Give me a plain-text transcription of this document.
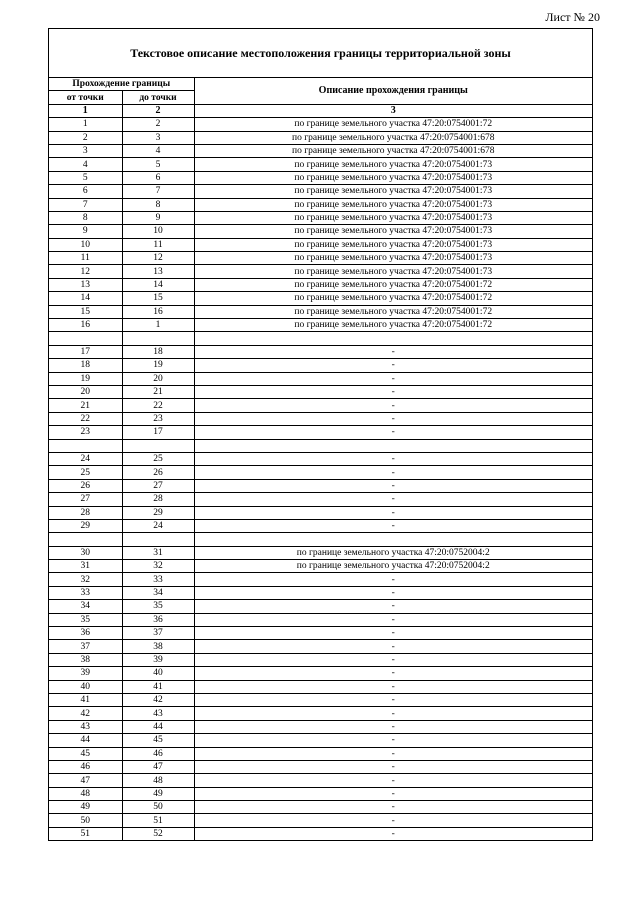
Лист № 20
Текстовое описание местоположения границы территориальной зоны
Прохождение границы		Описание прохождения границы
от точки	до точки	
1	2	3
1	2	по границе земельного участка 47:20:0754001:72
2	3	по границе земельного участка 47:20:0754001:678
3	4	по границе земельного участка 47:20:0754001:678
4	5	по границе земельного участка 47:20:0754001:73
5	6	по границе земельного участка 47:20:0754001:73
6	7	по границе земельного участка 47:20:0754001:73
7	8	по границе земельного участка 47:20:0754001:73
8	9	по границе земельного участка 47:20:0754001:73
9	10	по границе земельного участка 47:20:0754001:73
10	11	по границе земельного участка 47:20:0754001:73
11	12	по границе земельного участка 47:20:0754001:73
12	13	по границе земельного участка 47:20:0754001:73
13	14	по границе земельного участка 47:20:0754001:72
14	15	по границе земельного участка 47:20:0754001:72
15	16	по границе земельного участка 47:20:0754001:72
16	1	по границе земельного участка 47:20:0754001:72

17	18	-
18	19	-
19	20	-
20	21	-
21	22	-
22	23	-
23	17	-

24	25	-
25	26	-
26	27	-
27	28	-
28	29	-
29	24	-

30	31	по границе земельного участка 47:20:0752004:2
31	32	по границе земельного участка 47:20:0752004:2
32	33	-
33	34	-
34	35	-
35	36	-
36	37	-
37	38	-
38	39	-
39	40	-
40	41	-
41	42	-
42	43	-
43	44	-
44	45	-
45	46	-
46	47	-
47	48	-
48	49	-
49	50	-
50	51	-
51	52	-
